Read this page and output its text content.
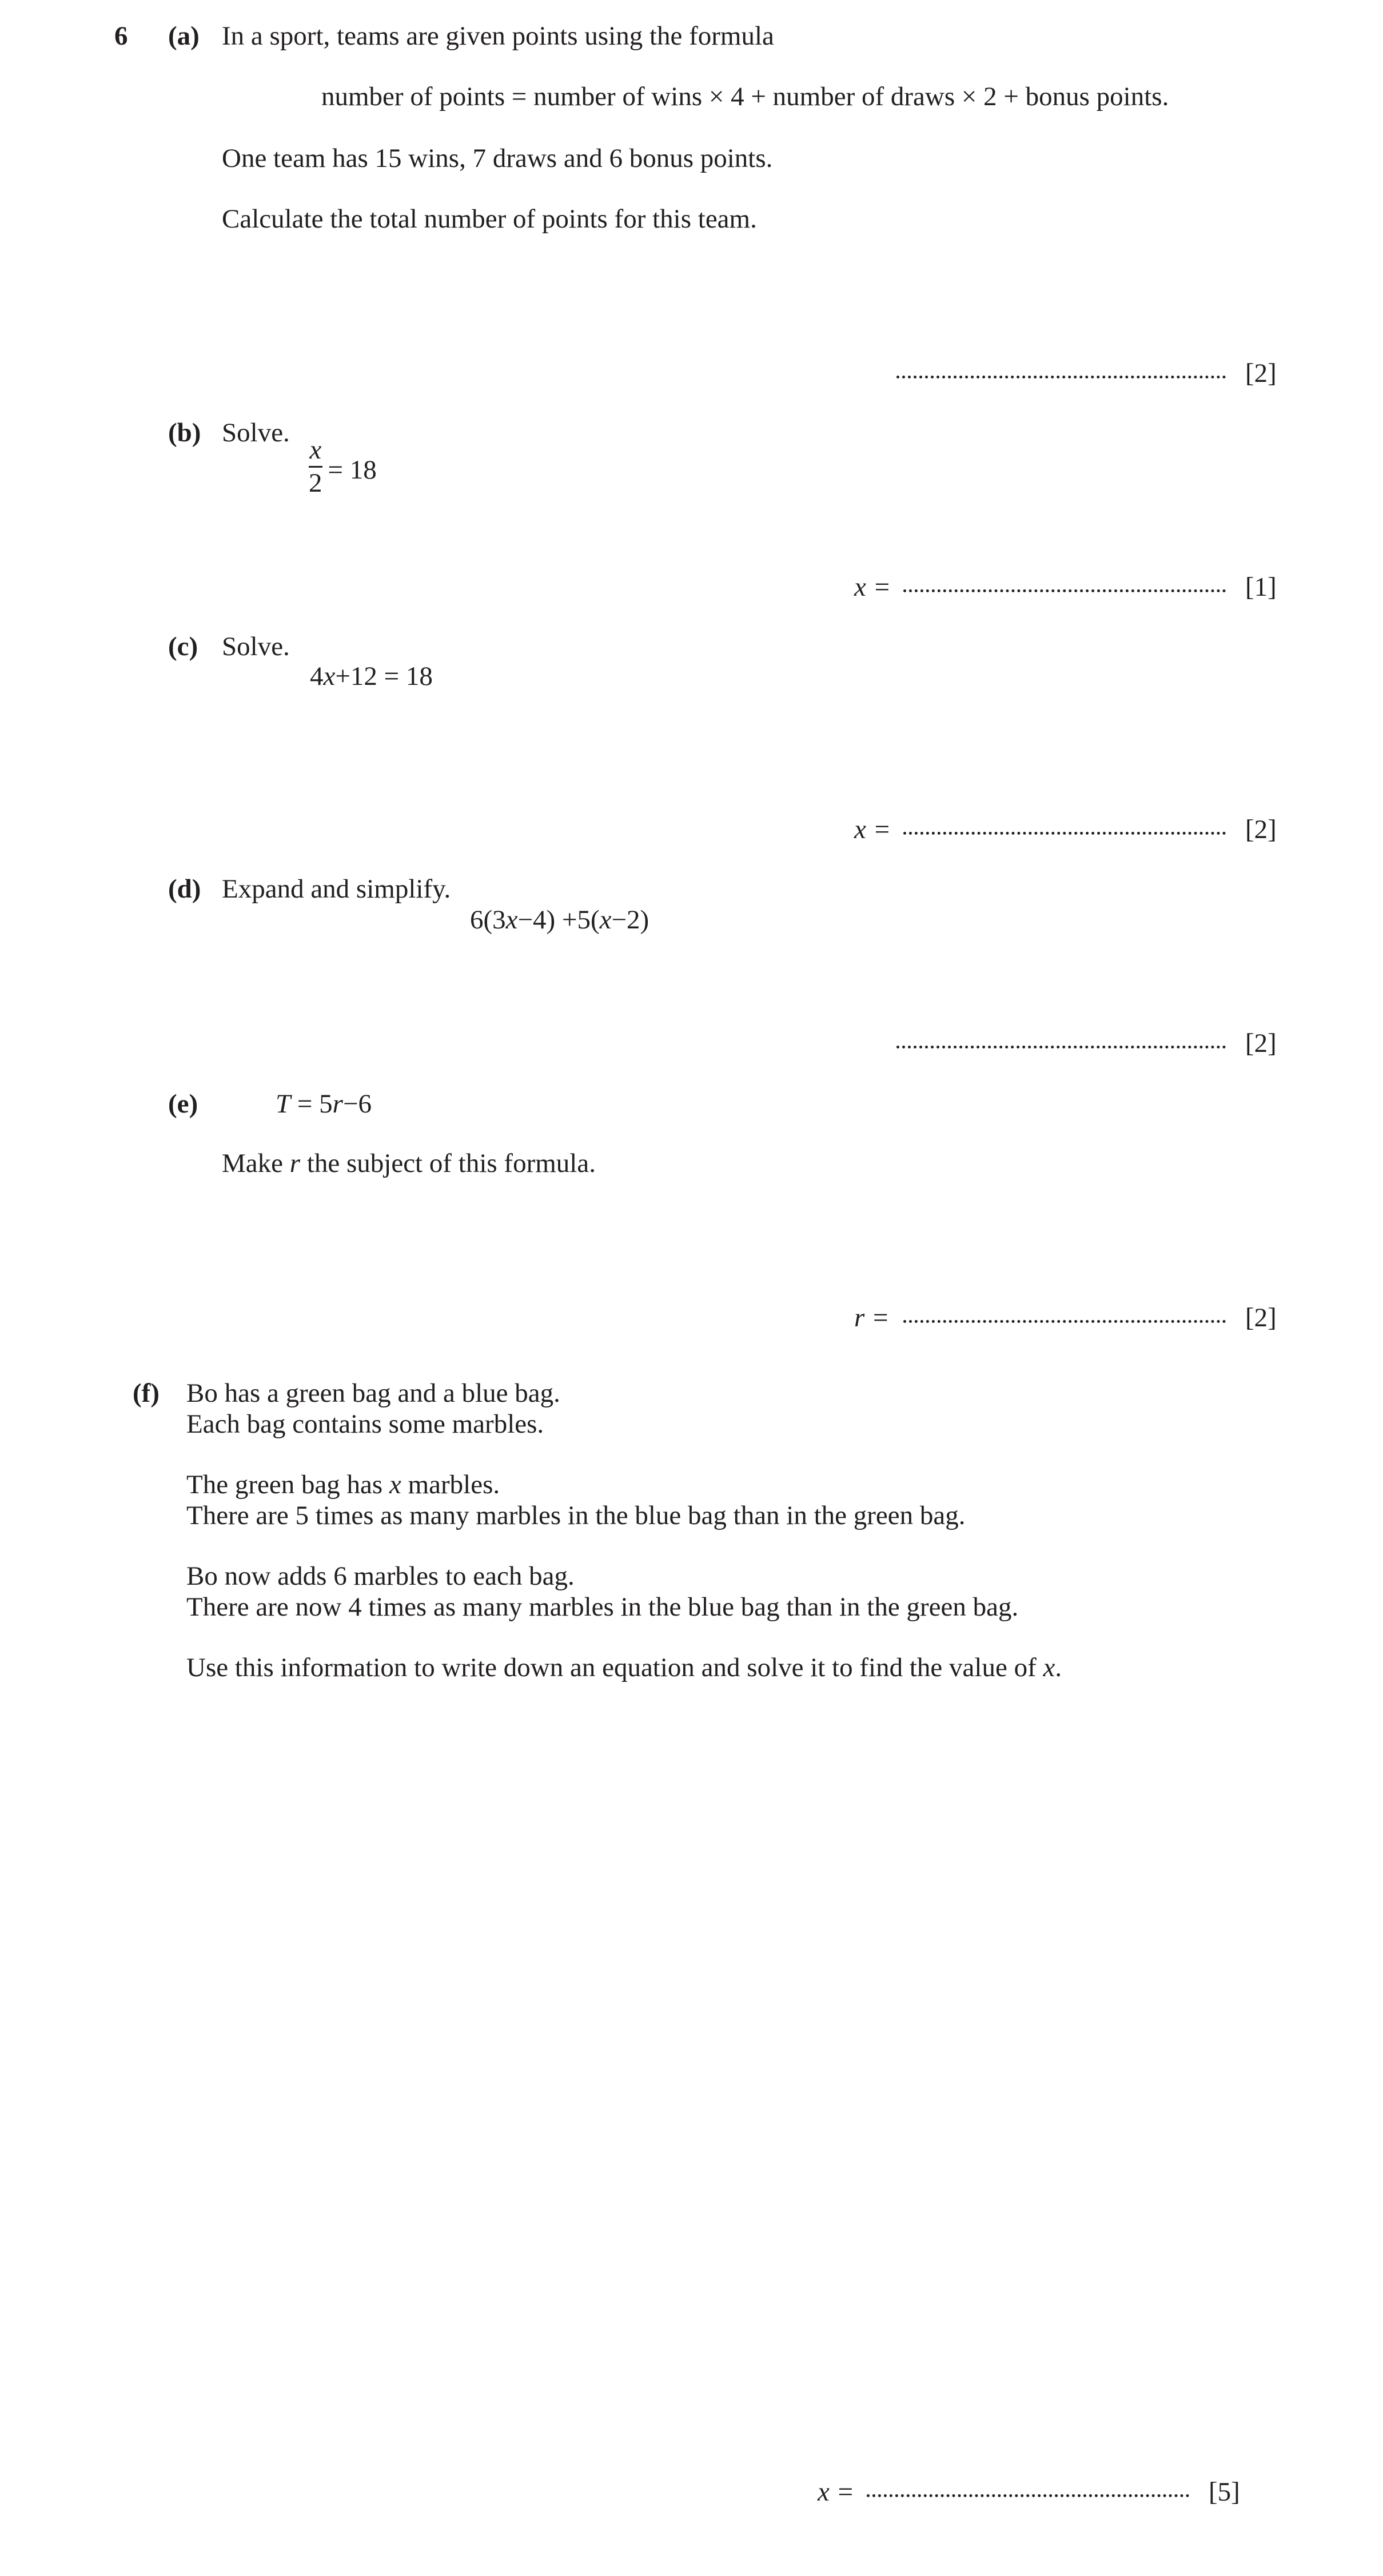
6 (a) In a sport, teams are given points using the formula
number of points = number of wins × 4 + number of draws × 2 + bonus points.
One team has 15 wins, 7 draws and 6 bonus points.
Calculate the total number of points for this team.
[2]
(b) Solve.
$\frac{x}{2} = 18$
x =	[1]
(c) Solve.
4x+12 = 18
x =	[2]
(d) Expand and simplify.
6(3x−4) +5(x−2)
[2]
(e)	T = 5r−6
Make r the subject of this formula.
r =	[2]
(f) Bo has a green bag and a blue bag.
Each bag contains some marbles.
The green bag has x marbles.
There are 5 times as many marbles in the blue bag than in the green bag.
Bo now adds 6 marbles to each bag.
There are now 4 times as many marbles in the blue bag than in the green bag.
Use this information to write down an equation and solve it to find the value of x.
x =	[5]
